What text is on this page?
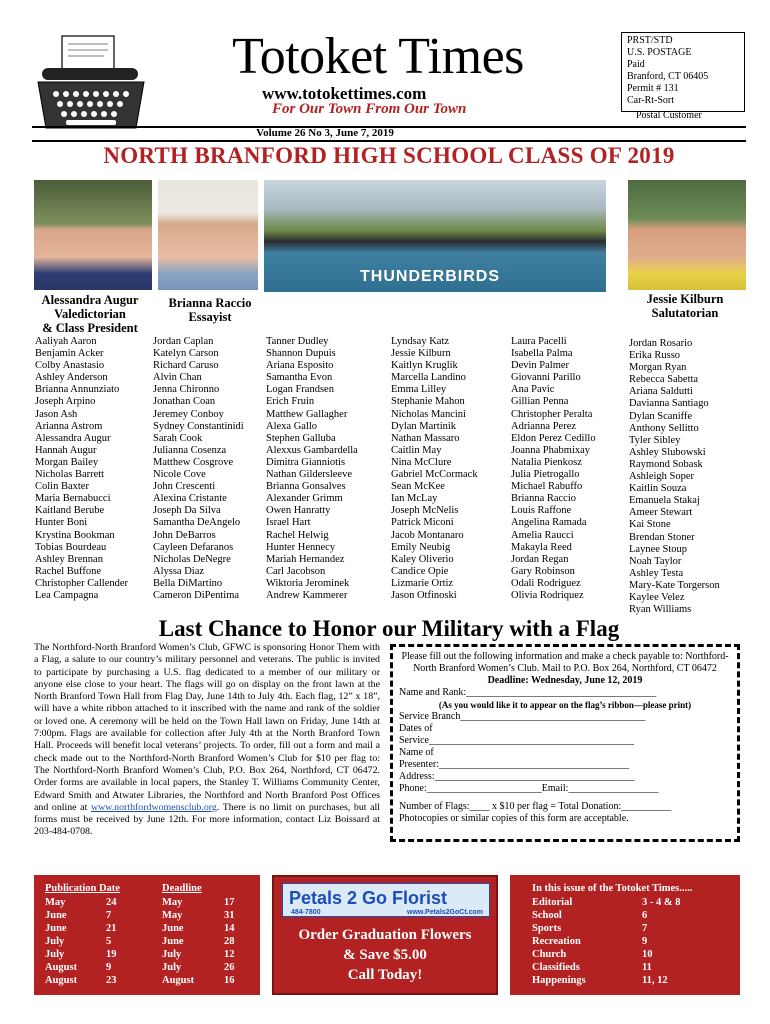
Totoket Times
www.totokettimes.com
For Our Town From Our Town
PRST/STD
U.S. POSTAGE
Paid
Branford, CT 06405
Permit # 131
Car-Rt-Sort
Postal Customer
Volume 26 No 3, June 7, 2019
NORTH BRANFORD HIGH SCHOOL CLASS OF 2019
THUNDERBIRDS
Alessandra Augur
Valedictorian
& Class President
Brianna Raccio
Essayist
Jessie Kilburn
Salutatorian
Aaliyah Aaron
Benjamin Acker
Colby Anastasio
Ashley Anderson
Brianna Annunziato
Joseph Arpino
Jason Ash
Arianna Astrom
Alessandra Augur
Hannah Augur
Morgan Bailey
Nicholas Barrett
Colin Baxter
Maria Bernabucci
Kaitland Berube
Hunter Boni
Krystina Bookman
Tobias Bourdeau
Ashley Brennan
Rachel Buffone
Christopher Callender
Lea Campagna
Jordan Caplan
Katelyn Carson
Richard Caruso
Alvin Chan
Jenna Chironno
Jonathan Coan
Jeremey Conboy
Sydney Constantinidi
Sarah Cook
Julianna Cosenza
Matthew Cosgrove
Nicole Cove
John Crescenti
Alexina Cristante
Joseph Da Silva
Samantha DeAngelo
John DeBarros
Cayleen Defaranos
Nicholas DeNegre
Alyssa Diaz
Bella DiMartino
Cameron DiPentima
Tanner Dudley
Shannon Dupuis
Ariana Esposito
Samantha Evon
Logan Frandsen
Erich Fruin
Matthew Gallagher
Alexa Gallo
Stephen Galluba
Alexxus Gambardella
Dimitra Gianniotis
Nathan Gildersleeve
Brianna Gonsalves
Alexander Grimm
Owen Hanratty
Israel Hart
Rachel Helwig
Hunter Hennecy
Mariah Hernandez
Carl Jacobson
Wiktoria Jerominek
Andrew Kammerer
Lyndsay Katz
Jessie Kilburn
Kaitlyn Kruglik
Marcella Landino
Emma Lilley
Stephanie Mahon
Nicholas Mancini
Dylan Martinik
Nathan Massaro
Caitlin May
Nina McClure
Gabriel McCormack
Sean McKee
Ian McLay
Joseph McNelis
Patrick Miconi
Jacob Montanaro
Emily Neubig
Kaley Oliverio
Candice Opie
Lizmarie Ortiz
Jason Otfinoski
Laura Pacelli
Isabella Palma
Devin Palmer
Giovanni Parillo
Ana Pavic
Gillian Penna
Christopher Peralta
Adrianna Perez
Eldon Perez Cedillo
Joanna Phabmixay
Natalia Pienkosz
Julia Pietrogallo
Michael Rabuffo
Brianna Raccio
Louis Raffone
Angelina Ramada
Amelia Raucci
Makayla Reed
Jordan Regan
Gary Robinson
Odali Rodriguez
Olivia Rodriquez
Jordan Rosario
Erika Russo
Morgan Ryan
Rebecca Sabetta
Ariana Saldutti
Davianna Santiago
Dylan Scaniffe
Anthony Sellitto
Tyler Sibley
Ashley Slubowski
Raymond Sobask
Ashleigh Soper
Kaitlin Souza
Emanuela Stakaj
Ameer Stewart
Kai Stone
Brendan Stoner
Laynee Stoup
Noah Taylor
Ashley Testa
Mary-Kate Torgerson
Kaylee Velez
Ryan Williams
Last Chance to Honor our Military with a Flag
The Northford-North Branford Women’s Club, GFWC is sponsoring Honor Them with a Flag, a salute to our country’s military personnel and veterans. The public is invited to participate by purchasing a U.S. flag dedicated to a member of our military or anyone else close to your heart. The flags will go on display on the front lawn at the North Branford Town Hall from Flag Day, June 14th to July 4th. Each flag, 12” x 18”, will have a white ribbon attached to it inscribed with the name and rank of the soldier or loved one. A ceremony will be held on the Town Hall lawn on Friday, June 14th at 7:00pm. Flags are available for collection after July 4th at the North Branford Town Hall. Proceeds will benefit local veterans’ projects. To order, fill out a form and mail a check made out to the Northford-North Branford Women’s Club for $10 per flag to: The Northford-North Branford Women’s Club, P.O. Box 264, Northford, CT 06472. Order forms are available in local papers, the Stanley T. Williams Community Center, Edward Smith and Atwater Libraries, the Northford and North Branford Post Offices and online at www.northfordwomensclub.org. There is no limit on purchases, but all forms must be received by June 12th. For more information, contact Liz Boissard at 203-484-0708.
Please fill out the following information and make a check payable to: Northford-North Branford Women’s Club. Mail to P.O. Box 264, Northford, CT 06472
Deadline: Wednesday, June 12, 2019
Name and Rank:______________________________________
(As you would like it to appear on the flag’s ribbon—please print)
Service Branch_____________________________________
Dates of
Service_________________________________________
Name of
Presenter:______________________________________
Address:________________________________________
Phone:_______________________Email:__________________
Number of Flags:____ x $10 per flag = Total Donation:__________
Photocopies or similar copies of this form are acceptable.
Publication Date	Deadline
May	24	May	17
June	7	May	31
June	21	June	14
July	5	June	28
July	19	July	12
August	9	July	26
August	23	August	16
Petals 2 Go Florist
484-7800	www.Petals2GoCt.com
Order Graduation Flowers
& Save $5.00
Call Today!
In this issue of the Totoket Times.....
Editorial	3 - 4 & 8
School	6
Sports	7
Recreation	9
Church	10
Classifieds	11
Happenings	11, 12
